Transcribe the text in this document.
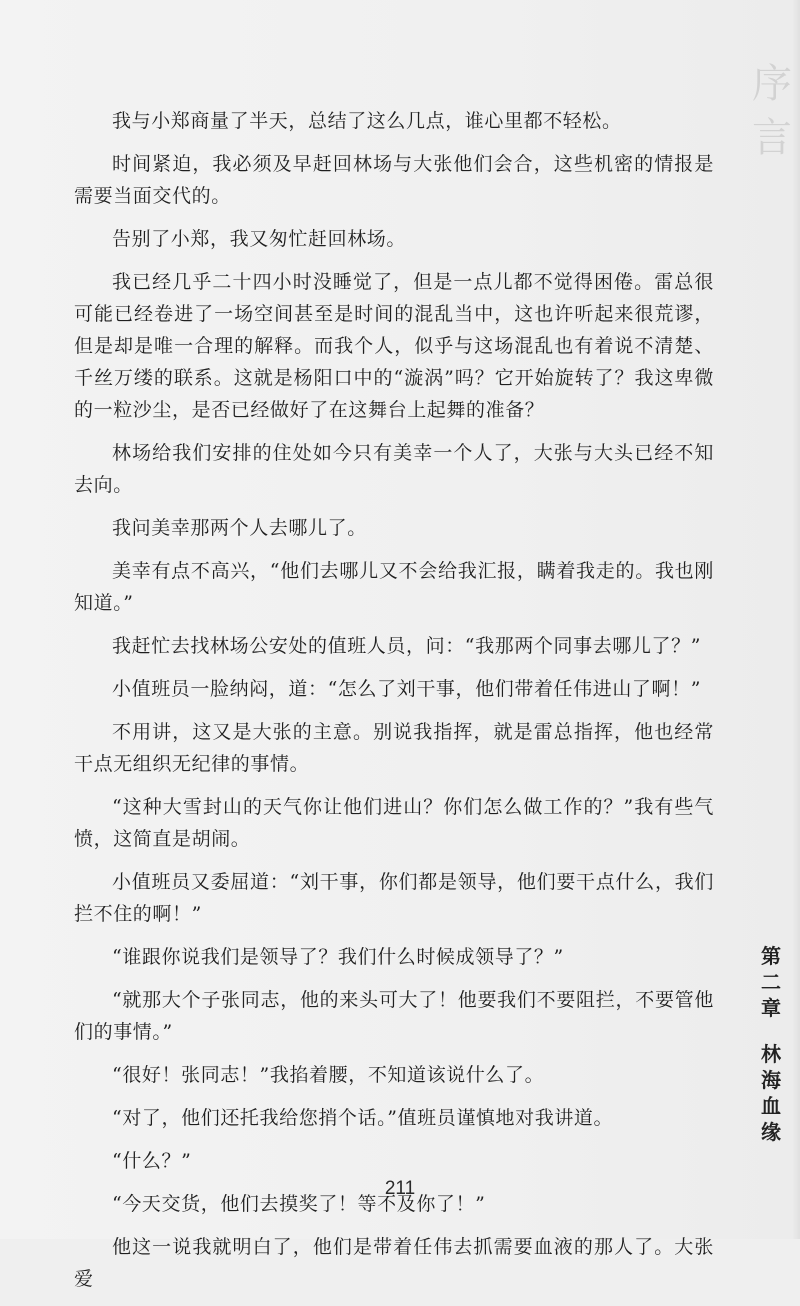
序
言

我与小郑商量了半天，总结了这么几点，谁心里都不轻松。

时间紧迫，我必须及早赶回林场与大张他们会合，这些机密的情报是需要当面交代的。

告别了小郑，我又匆忙赶回林场。

我已经几乎二十四小时没睡觉了，但是一点儿都不觉得困倦。雷总很可能已经卷进了一场空间甚至是时间的混乱当中，这也许听起来很荒谬，但是却是唯一合理的解释。而我个人，似乎与这场混乱也有着说不清楚、千丝万缕的联系。这就是杨阳口中的“漩涡”吗？它开始旋转了？我这卑微的一粒沙尘，是否已经做好了在这舞台上起舞的准备？

林场给我们安排的住处如今只有美幸一个人了，大张与大头已经不知去向。

我问美幸那两个人去哪儿了。

美幸有点不高兴，“他们去哪儿又不会给我汇报，瞒着我走的。我也刚知道。”

我赶忙去找林场公安处的值班人员，问：“我那两个同事去哪儿了？”

小值班员一脸纳闷，道：“怎么了刘干事，他们带着任伟进山了啊！”

不用讲，这又是大张的主意。别说我指挥，就是雷总指挥，他也经常干点无组织无纪律的事情。

“这种大雪封山的天气你让他们进山？你们怎么做工作的？”我有些气愤，这简直是胡闹。

小值班员又委屈道：“刘干事，你们都是领导，他们要干点什么，我们拦不住的啊！”

“谁跟你说我们是领导了？我们什么时候成领导了？”

“就那大个子张同志，他的来头可大了！他要我们不要阻拦，不要管他们的事情。”

“很好！张同志！”我掐着腰，不知道该说什么了。

“对了，他们还托我给您捎个话。”值班员谨慎地对我讲道。

“什么？”

“今天交货，他们去摸奖了！等不及你了！”

他这一说我就明白了，他们是带着任伟去抓需要血液的那人了。大张爱

第
二
章
林
海
血
缘
211
